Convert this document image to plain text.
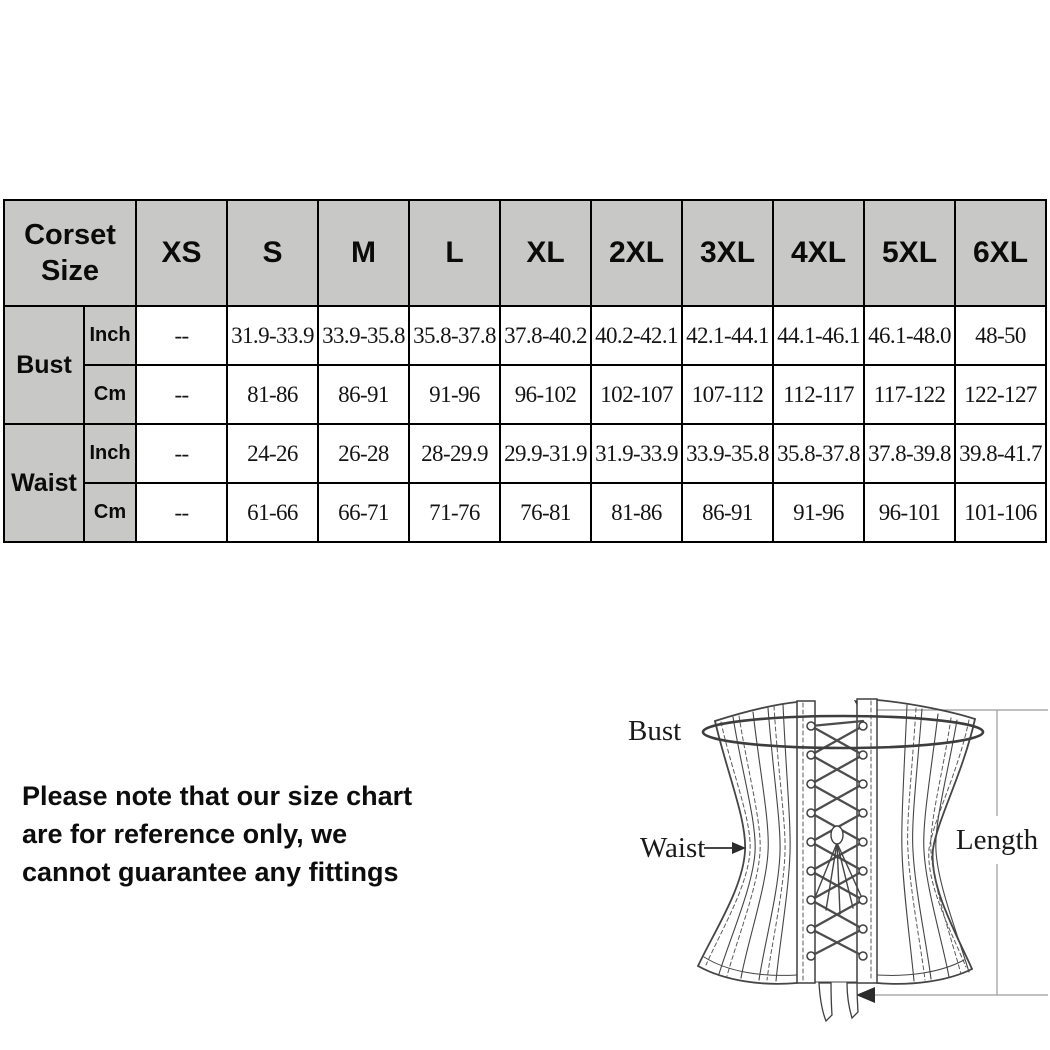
Corset Size		XS	S	M	L	XL	2XL	3XL	4XL	5XL	6XL
Bust	Inch	--	31.9-33.9	33.9-35.8	35.8-37.8	37.8-40.2	40.2-42.1	42.1-44.1	44.1-46.1	46.1-48.0	48-50
	Cm	--	81-86	86-91	91-96	96-102	102-107	107-112	112-117	117-122	122-127
Waist	Inch	--	24-26	26-28	28-29.9	29.9-31.9	31.9-33.9	33.9-35.8	35.8-37.8	37.8-39.8	39.8-41.7
	Cm	--	61-66	66-71	71-76	76-81	81-86	86-91	91-96	96-101	101-106
Please note that our size chart
are for reference only, we
cannot guarantee any fittings
Bust
Waist	Length
